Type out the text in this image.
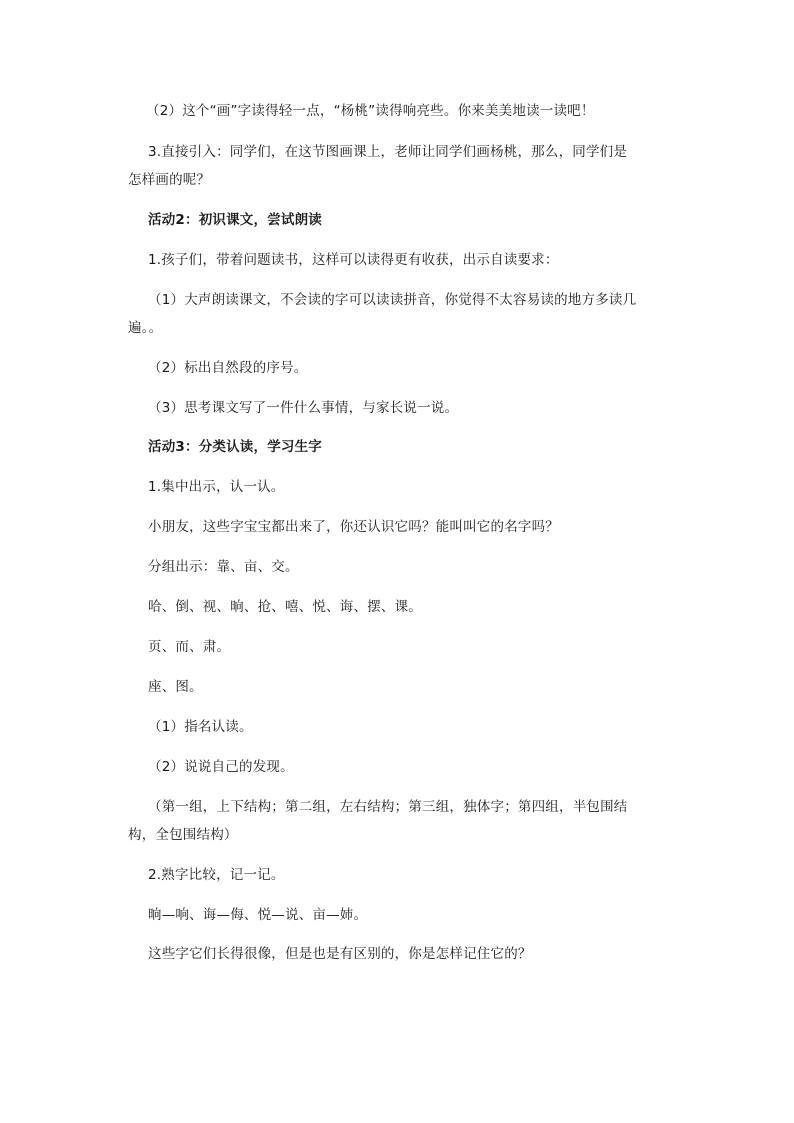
（2）这个“画”字读得轻一点，“杨桃”读得响亮些。你来美美地读一读吧！
3.直接引入：同学们，在这节图画课上，老师让同学们画杨桃，那么，同学们是
怎样画的呢？
活动2：初识课文，尝试朗读
1.孩子们，带着问题读书，这样可以读得更有收获，出示自读要求：
（1）大声朗读课文，不会读的字可以读读拼音，你觉得不太容易读的地方多读几
遍。。
（2）标出自然段的序号。
（3）思考课文写了一件什么事情，与家长说一说。
活动3：分类认读，学习生字
1.集中出示，认一认。
小朋友，这些字宝宝都出来了，你还认识它吗？能叫叫它的名字吗？
分组出示：靠、亩、交。
哈、倒、视、晌、抢、嘻、悦、诲、摆、课。
页、而、肃。
座、图。
（1）指名认读。
（2）说说自己的发现。
（第一组，上下结构；第二组，左右结构；第三组，独体字；第四组，半包围结
构，全包围结构）
2.熟字比较，记一记。
晌—响、诲—侮、悦—说、亩—姉。
这些字它们长得很像，但是也是有区别的，你是怎样记住它的？
